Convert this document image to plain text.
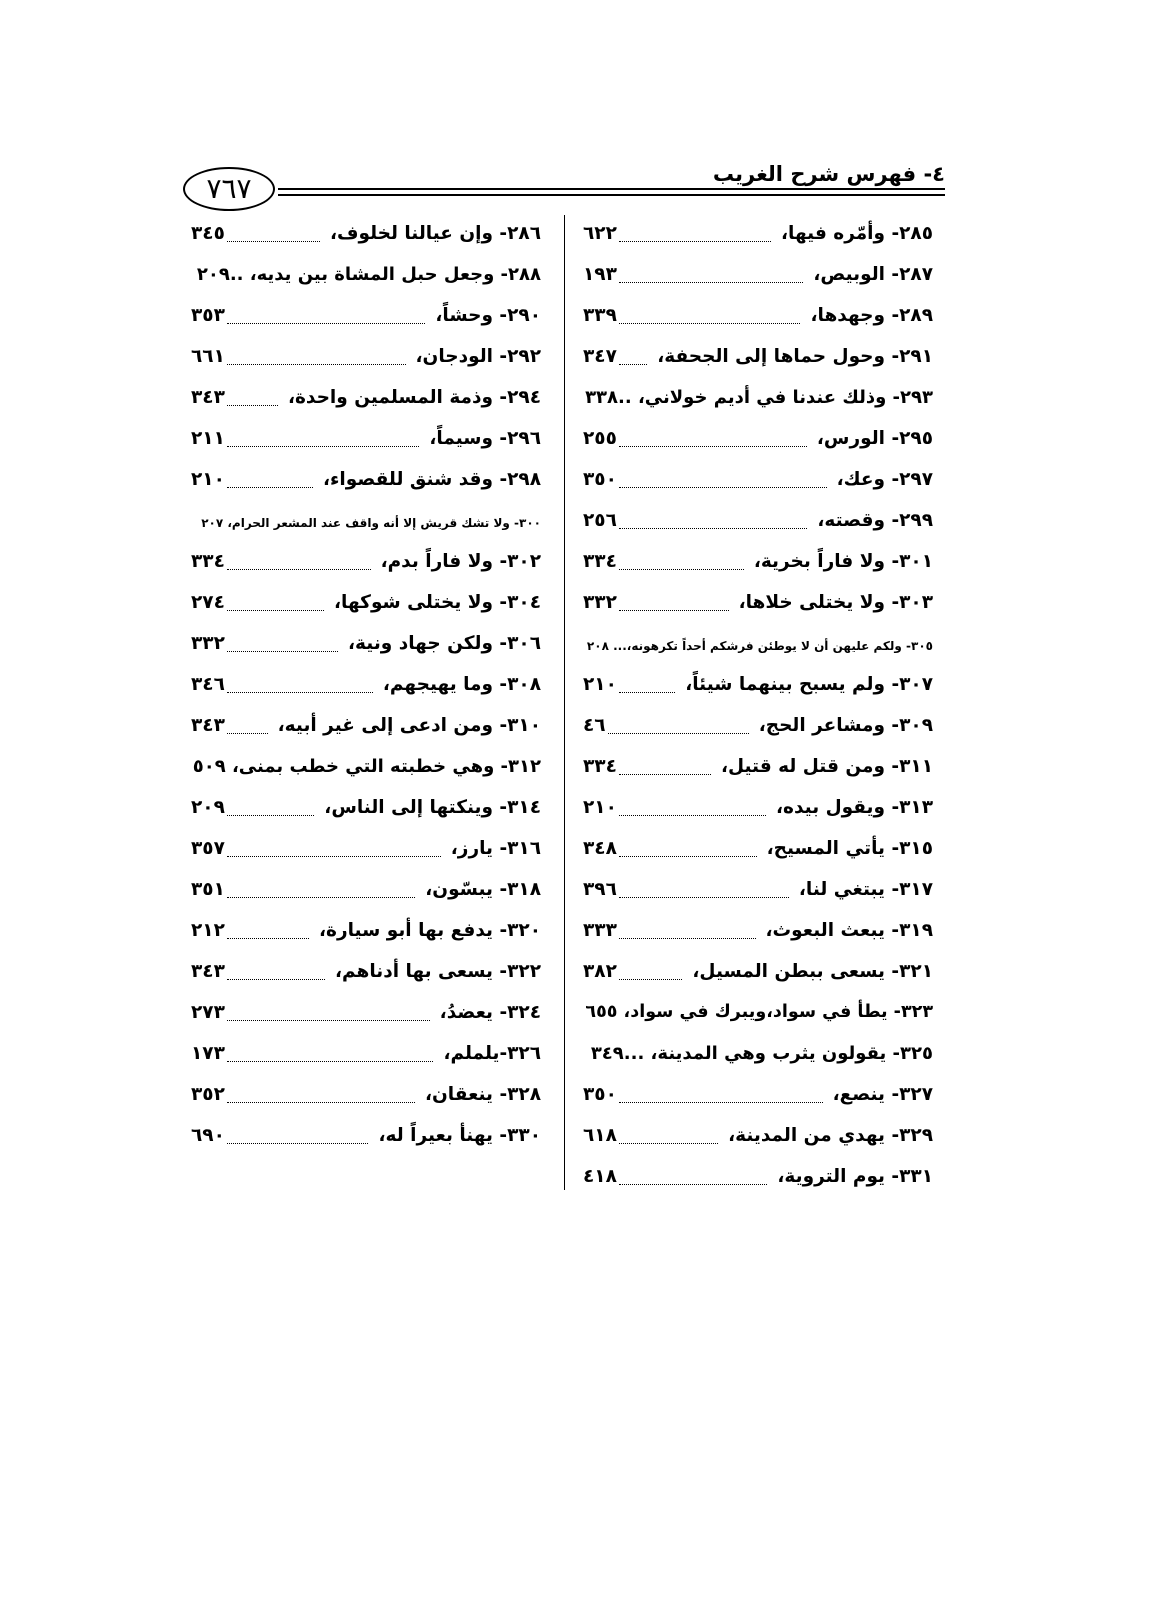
٤- فهرس شرح الغريب
٧٦٧
٢٨٥- وأمّره فيها،
٦٢٢
٢٨٧- الوبيص،
١٩٣
٢٨٩- وجهدها،
٣٣٩
٢٩١- وحول حماها إلى الجحفة،
٣٤٧
٢٩٣- وذلك عندنا في أديم خولاني، ..٣٣٨
٢٩٥- الورس،
٢٥٥
٢٩٧- وعك،
٣٥٠
٢٩٩- وقصته،
٢٥٦
٣٠١- ولا فاراً بخرية،
٣٣٤
٣٠٣- ولا يختلى خلاها،
٣٣٢
٣٠٥- ولكم عليهن أن لا يوطئن فرشكم أحداً تكرهونه،... ٢٠٨
٣٠٧- ولم يسبح بينهما شيئاً،
٢١٠
٣٠٩- ومشاعر الحج،
٤٦
٣١١- ومن قتل له قتيل،
٣٣٤
٣١٣- ويقول بيده،
٢١٠
٣١٥- يأتي المسيح،
٣٤٨
٣١٧- يبتغي لنا،
٣٩٦
٣١٩- يبعث البعوث،
٣٣٣
٣٢١- يسعى ببطن المسيل،
٣٨٢
٣٢٣- يطأ في سواد،ويبرك في سواد، ٦٥٥
٣٢٥- يقولون يثرب وهي المدينة، ...٣٤٩
٣٢٧- ينصع،
٣٥٠
٣٢٩- يهدي من المدينة،
٦١٨
٣٣١- يوم التروية،
٤١٨
٢٨٦- وإن عيالنا لخلوف،
٣٤٥
٢٨٨- وجعل حبل المشاة بين يديه، ..٢٠٩
٢٩٠- وحشاً،
٣٥٣
٢٩٢- الودجان،
٦٦١
٢٩٤- وذمة المسلمين واحدة،
٣٤٣
٢٩٦- وسيماً،
٢١١
٢٩٨- وقد شنق للقصواء،
٢١٠
٣٠٠- ولا تشك قريش إلا أنه واقف عند المشعر الحرام، ٢٠٧
٣٠٢- ولا فاراً بدم،
٣٣٤
٣٠٤- ولا يختلى شوكها،
٢٧٤
٣٠٦- ولكن جهاد ونية،
٣٣٢
٣٠٨- وما يهيجهم،
٣٤٦
٣١٠- ومن ادعى إلى غير أبيه،
٣٤٣
٣١٢- وهي خطبته التي خطب بمنى، ٥٠٩
٣١٤- وينكتها إلى الناس،
٢٠٩
٣١٦- يارز،
٣٥٧
٣١٨- يبسّون،
٣٥١
٣٢٠- يدفع بها أبو سيارة،
٢١٢
٣٢٢- يسعى بها أدناهم،
٣٤٣
٣٢٤- يعضدُ،
٢٧٣
٣٢٦-يلملم،
١٧٣
٣٢٨- ينعقان،
٣٥٢
٣٣٠- يهنأ بعيراً له،
٦٩٠
